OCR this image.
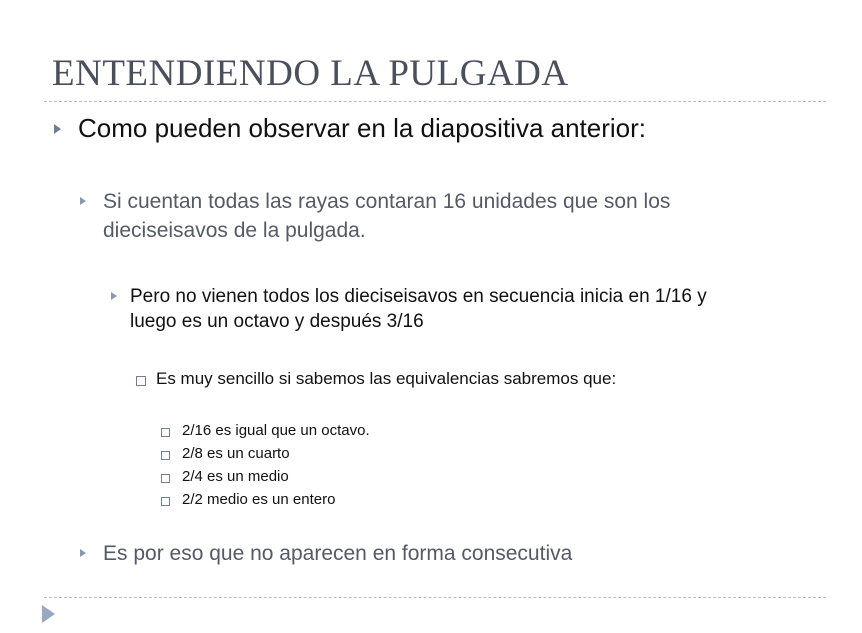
ENTENDIENDO LA PULGADA
Como pueden observar en la diapositiva anterior:
Si cuentan todas las rayas contaran 16 unidades que son los
dieciseisavos de la pulgada.
Pero no vienen todos los dieciseisavos en secuencia inicia en 1/16 y
luego es un octavo y después 3/16
Es muy sencillo si sabemos las equivalencias sabremos que:
2/16 es igual que un octavo.
2/8 es un cuarto
2/4 es un medio
2/2 medio es un entero
Es por eso que no aparecen en forma consecutiva
